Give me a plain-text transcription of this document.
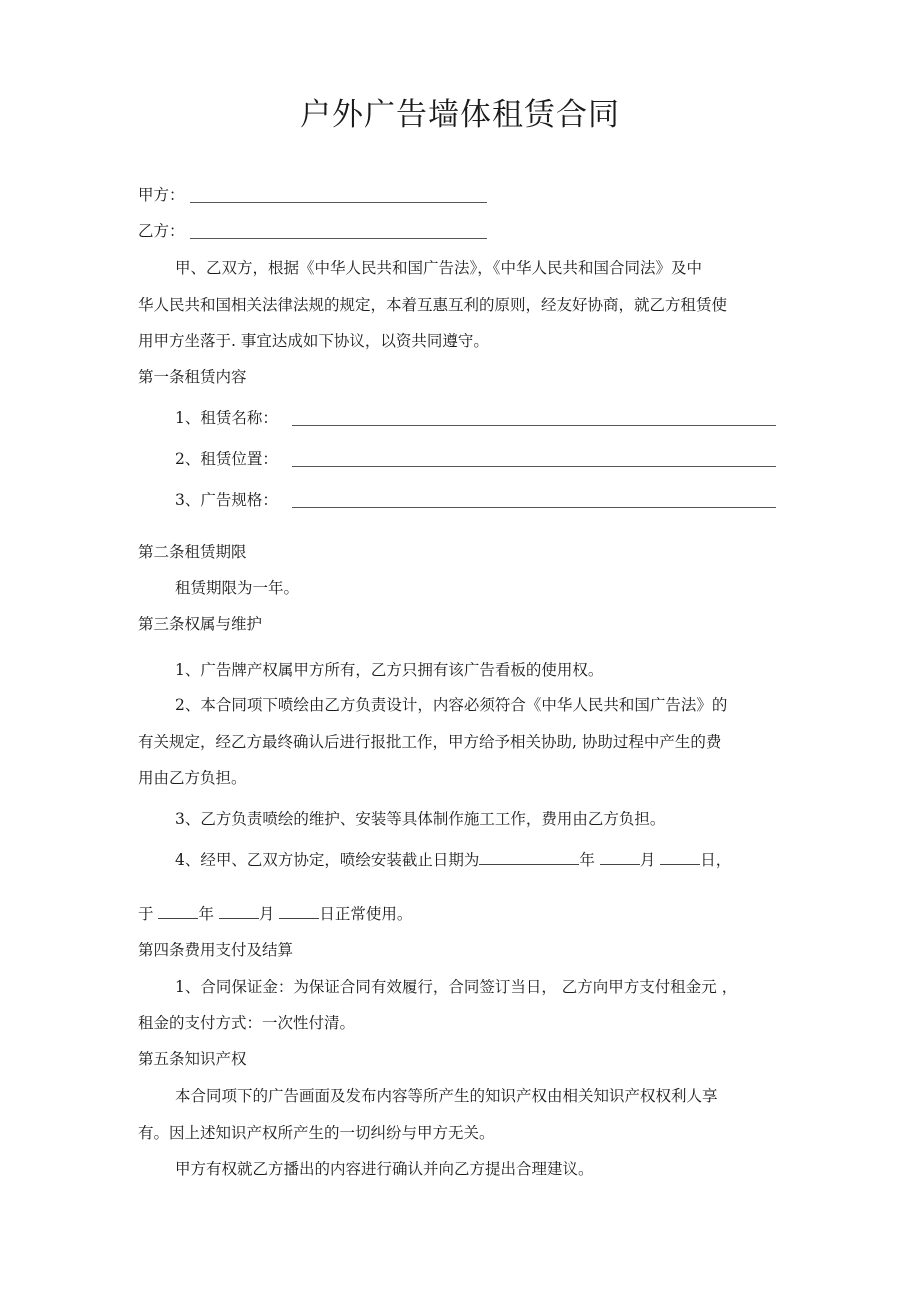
户外广告墙体租赁合同
甲方：
乙方：
甲、乙双方，根据《中华人民共和国广告法》，《中华人民共和国合同法》及中
华人民共和国相关法律法规的规定，本着互惠互利的原则，经友好协商，就乙方租赁使
用甲方坐落于. 事宜达成如下协议，以资共同遵守。
第一条租赁内容
1、租赁名称：
2、租赁位置：
3、广告规格：
第二条租赁期限
租赁期限为一年。
第三条权属与维护
1、广告牌产权属甲方所有，乙方只拥有该广告看板的使用权。
2、本合同项下喷绘由乙方负责设计，内容必须符合《中华人民共和国广告法》的
有关规定，经乙方最终确认后进行报批工作，甲方给予相关协助, 协助过程中产生的费
用由乙方负担。
3、乙方负责喷绘的维护、安装等具体制作施工工作，费用由乙方负担。
4、经甲、乙双方协定，喷绘安装截止日期为	年	月	日，
于	年	月	日正常使用。
第四条费用支付及结算
1、合同保证金：为保证合同有效履行，合同签订当日， 乙方向甲方支付租金元 ，
租金的支付方式：一次性付清。
第五条知识产权
本合同项下的广告画面及发布内容等所产生的知识产权由相关知识产权权利人享
有。因上述知识产权所产生的一切纠纷与甲方无关。
甲方有权就乙方播出的内容进行确认并向乙方提出合理建议。
